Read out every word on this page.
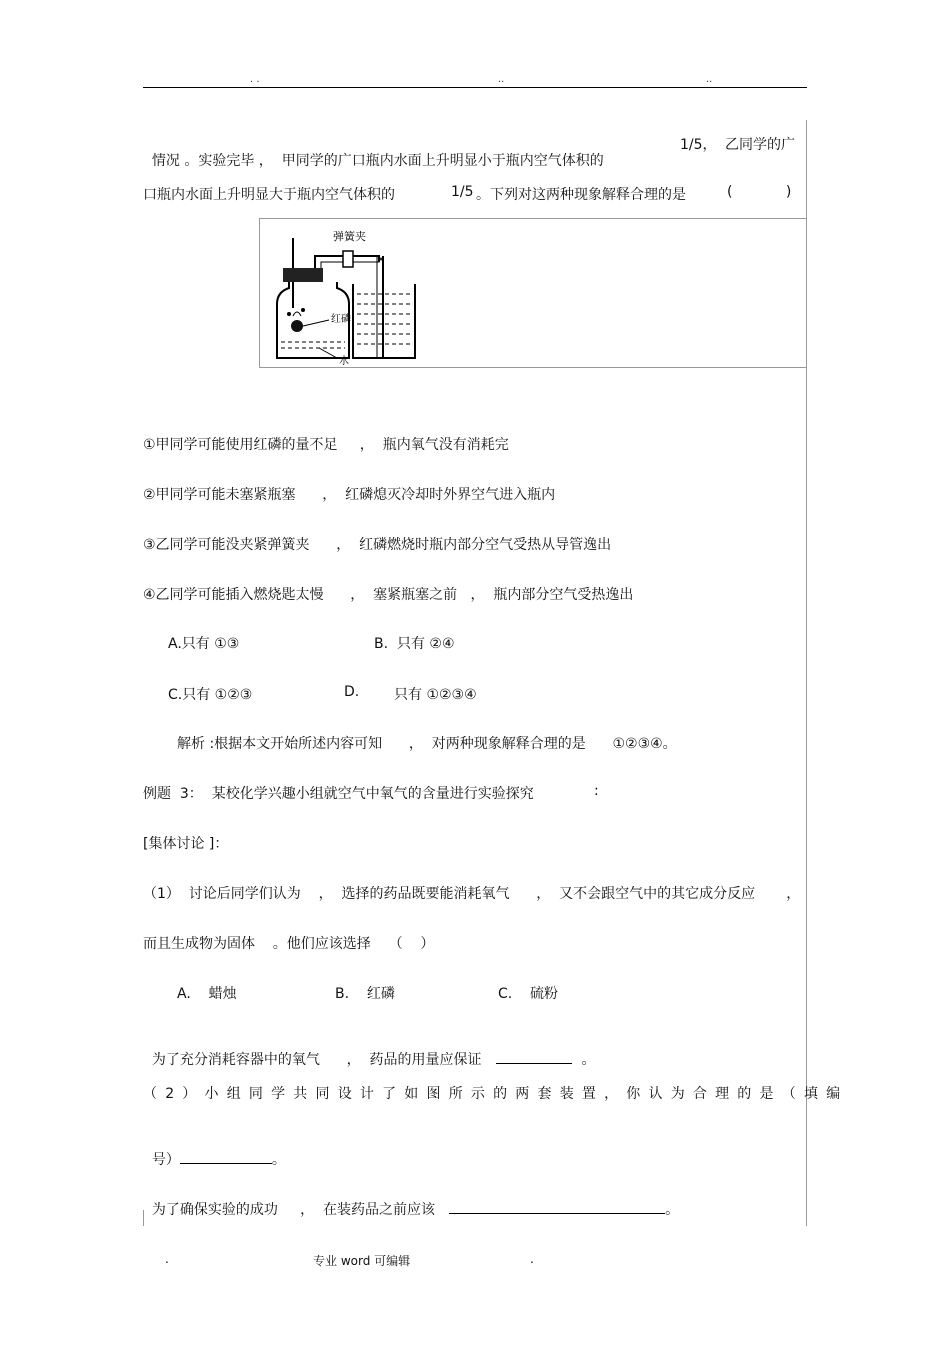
. .	..	..

情况 。实验完毕 ，  甲同学的广口瓶内水面上升明显小于瓶内空气体积的

1/5， 乙同学的广
口瓶内水面上升明显大于瓶内空气体积的	1/5 。下列对这两种现象解释合理的是	(            )
弹簧夹
红磷
水
①甲同学可能使用红磷的量不足     ，  瓶内氧气没有消耗完
②甲同学可能未塞紧瓶塞      ，  红磷熄灭冷却时外界空气进入瓶内
③乙同学可能没夹紧弹簧夹      ，  红磷燃烧时瓶内部分空气受热从导管逸出
④乙同学可能插入燃烧匙太慢      ，  塞紧瓶塞之前   ，  瓶内部分空气受热逸出
A.只有 ①③	B.  只有 ②④
C.只有 ①②③	D. 只有 ①②③④
解析 :根据本文开始所述内容可知      ，  对两种现象解释合理的是      ①②③④。
例题  3：  某校化学兴趣小组就空气中氧气的含量进行实验探究	:
[集体讨论 ]：
（1）  讨论后同学们认为    ，  选择的药品既要能消耗氧气      ，  又不会跟空气中的其它成分反应       ，
而且生成物为固体    。他们应该选择    （    ）
A.    蜡烛	B.    红磷	C.    硫粉

为了充分消耗容器中的氧气      ，  药品的用量应保证	。

（2）小组同学共同设计了如图所示的两套装置，你认为合理的是（填编

号）	。

为了确保实验的成功     ，  在装药品之前应该	。

.	专业 word 可编辑	.
